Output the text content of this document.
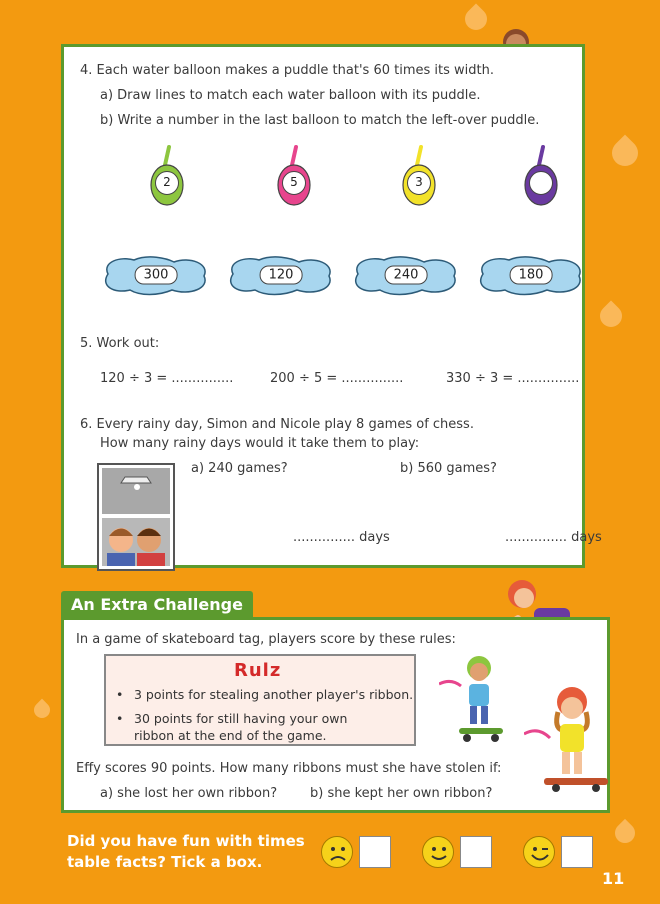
4. Each water balloon makes a puddle that's 60 times its width.
a) Draw lines to match each water balloon with its puddle.
b) Write a number in the last balloon to match the left-over puddle.
2	5	3
300	120	240	180
5. Work out:
120 ÷ 3 = ...............	200 ÷ 5 = ...............	330 ÷ 3 = ...............
6. Every rainy day, Simon and Nicole play 8 games of chess.
How many rainy days would it take them to play:
a) 240 games?	b) 560 games?
............... days	............... days
An Extra Challenge
In a game of skateboard tag, players score by these rules:
Rulz
• 3 points for stealing another player's ribbon.
• 30 points for still having your own
ribbon at the end of the game.
Effy scores 90 points. How many ribbons must she have stolen if:
a) she lost her own ribbon?	b) she kept her own ribbon?
Did you have fun with times
table facts? Tick a box.
11
